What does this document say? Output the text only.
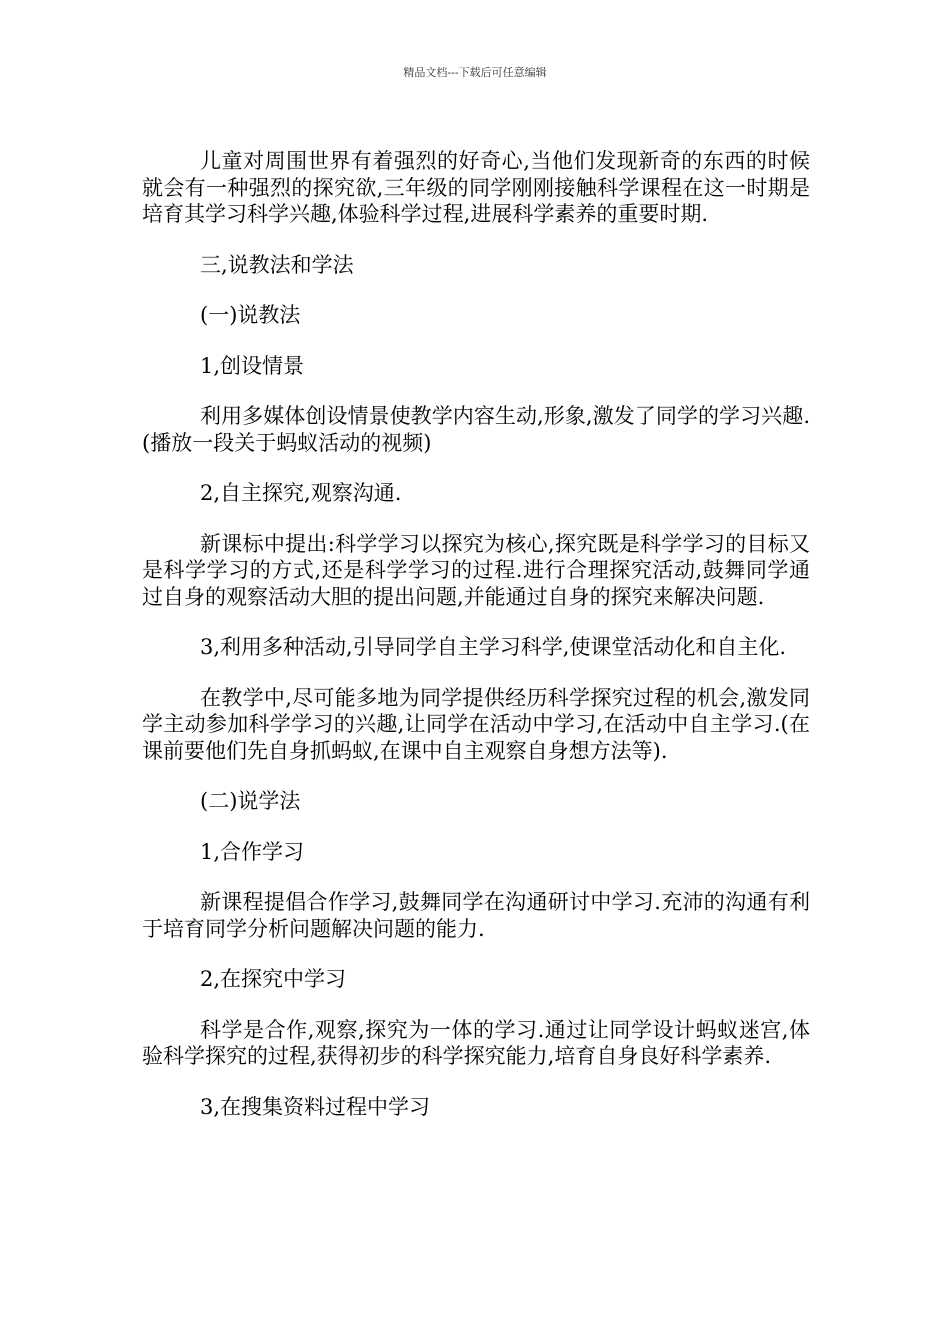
精品文档---下载后可任意编辑

儿童对周围世界有着强烈的好奇心,当他们发现新奇的东西的时候就会有一种强烈的探究欲,三年级的同学刚刚接触科学课程在这一时期是培育其学习科学兴趣,体验科学过程,进展科学素养的重要时期.

三,说教法和学法

(一)说教法

1,创设情景

利用多媒体创设情景使教学内容生动,形象,激发了同学的学习兴趣.(播放一段关于蚂蚁活动的视频)

2,自主探究,观察沟通.

新课标中提出:科学学习以探究为核心,探究既是科学学习的目标又是科学学习的方式,还是科学学习的过程.进行合理探究活动,鼓舞同学通过自身的观察活动大胆的提出问题,并能通过自身的探究来解决问题.

3,利用多种活动,引导同学自主学习科学,使课堂活动化和自主化.

在教学中,尽可能多地为同学提供经历科学探究过程的机会,激发同学主动参加科学学习的兴趣,让同学在活动中学习,在活动中自主学习.(在课前要他们先自身抓蚂蚁,在课中自主观察自身想方法等).

(二)说学法

1,合作学习

新课程提倡合作学习,鼓舞同学在沟通研讨中学习.充沛的沟通有利于培育同学分析问题解决问题的能力.

2,在探究中学习

科学是合作,观察,探究为一体的学习.通过让同学设计蚂蚁迷宫,体验科学探究的过程,获得初步的科学探究能力,培育自身良好科学素养.

3,在搜集资料过程中学习
